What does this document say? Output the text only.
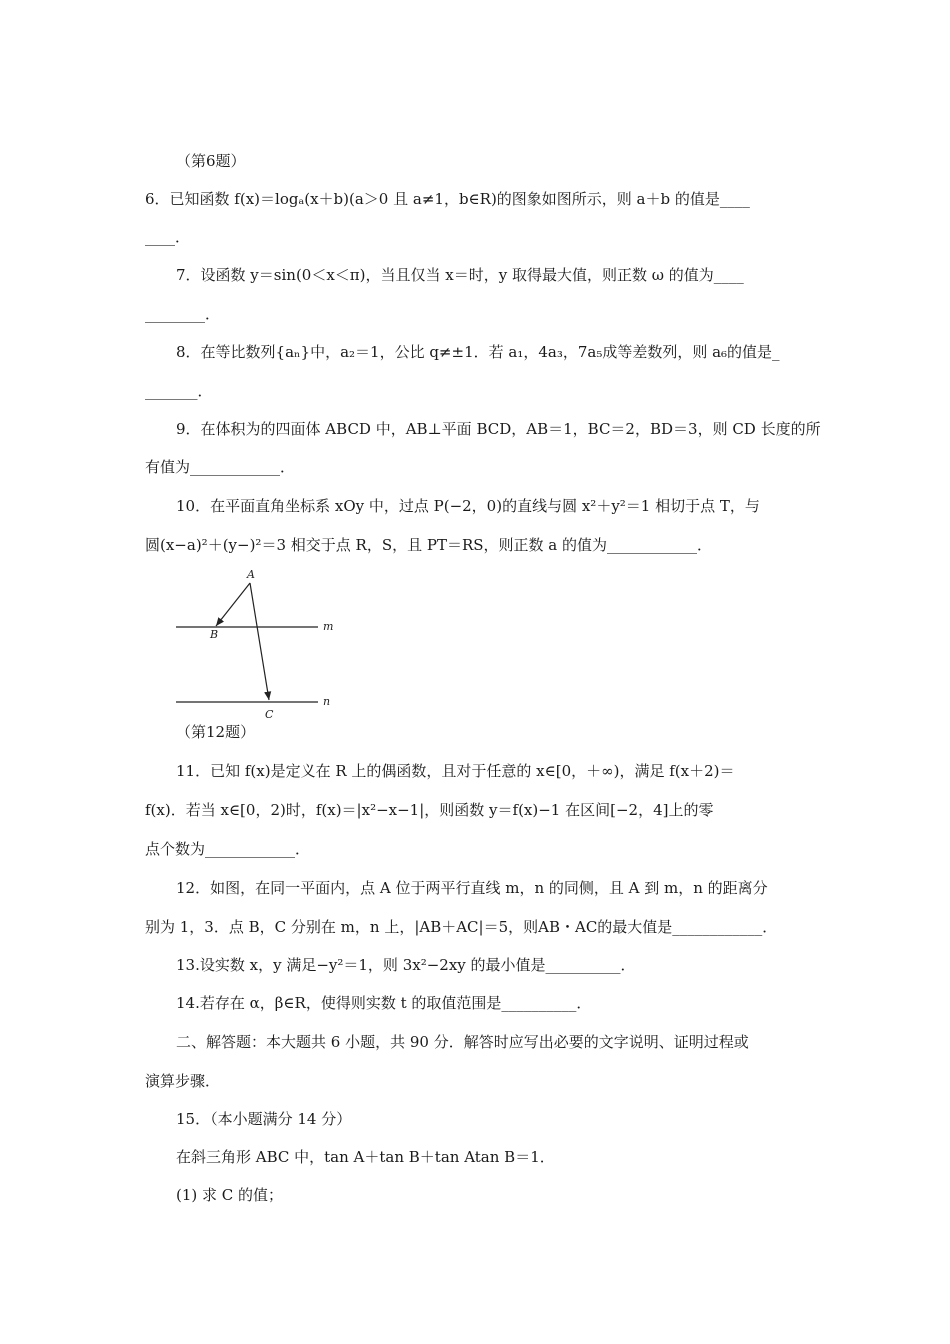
（第6题）
6．已知函数 f(x)＝logₐ(x＋b)(a＞0 且 a≠1，b∈R)的图象如图所示，则 a＋b 的值是____
____．
7．设函数 y＝sin(0＜x＜π)，当且仅当 x＝时，y 取得最大值，则正数 ω 的值为____
________．
8．在等比数列{aₙ}中，a₂＝1，公比 q≠±1．若 a₁，4a₃，7a₅成等差数列，则 a₆的值是_
_______．
9．在体积为的四面体 ABCD 中，AB⊥平面 BCD，AB＝1，BC＝2，BD＝3，则 CD 长度的所
有值为____________．
10．在平面直角坐标系 xOy 中，过点 P(−2，0)的直线与圆 x²＋y²＝1 相切于点 T，与
圆(x−a)²＋(y−)²＝3 相交于点 R，S，且 PT＝RS，则正数 a 的值为____________．
A
B
C
m
n
（第12题）
11．已知 f(x)是定义在 R 上的偶函数，且对于任意的 x∈[0，＋∞)，满足 f(x＋2)＝
f(x)．若当 x∈[0，2)时，f(x)＝|x²−x−1|，则函数 y＝f(x)−1 在区间[−2，4]上的零
点个数为____________．
12．如图，在同一平面内，点 A 位于两平行直线 m，n 的同侧，且 A 到 m，n 的距离分
别为 1，3．点 B，C 分别在 m，n 上，|AB＋AC|＝5，则AB・AC的最大值是____________．
13.设实数 x，y 满足−y²＝1，则 3x²−2xy 的最小值是__________．
14.若存在 α，β∈R，使得则实数 t 的取值范围是__________．
二、解答题：本大题共 6 小题，共 90 分．解答时应写出必要的文字说明、证明过程或
演算步骤．
15．（本小题满分 14 分）
在斜三角形 ABC 中，tan A＋tan B＋tan Atan B＝1．
(1) 求 C 的值；
